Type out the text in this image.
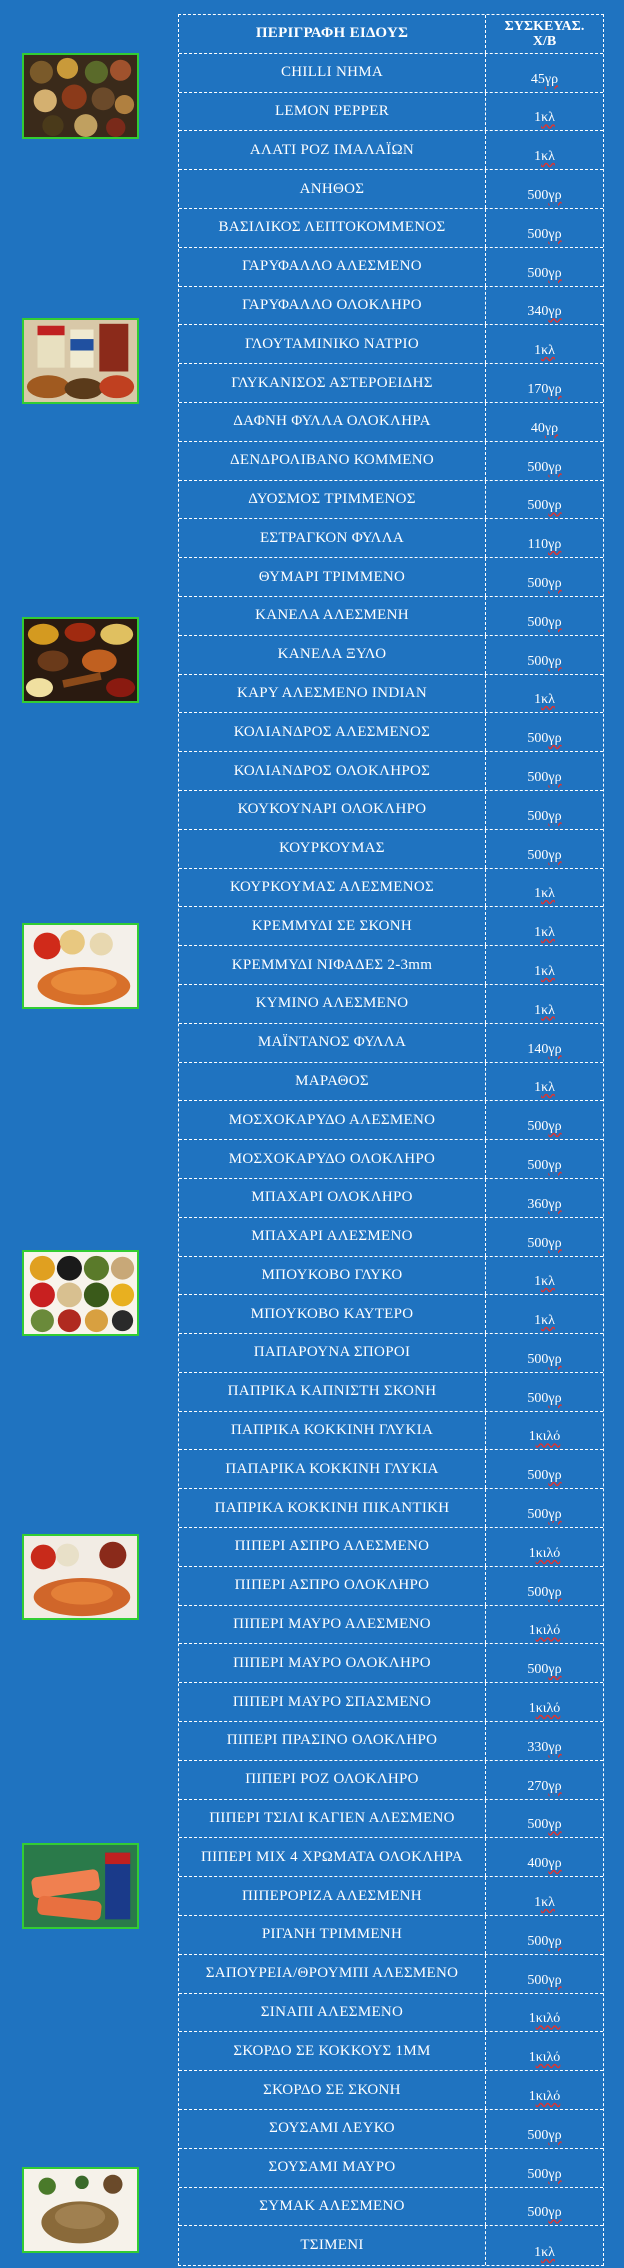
ΠΕΡΙΓΡΑΦΗ ΕΙΔΟΥΣ	ΣΥΣΚΕΥΑΣ.
Χ/Β
CHILLI ΝΗΜΑ	45 γρ
LEMON PEPPER	1 κλ
ΑΛΑΤΙ ΡΟΖ ΙΜΑΛΑΪΩΝ	1 κλ
ΑΝΗΘΟΣ	500 γρ
ΒΑΣΙΛΙΚΟΣ ΛΕΠΤΟΚΟΜΜΕΝΟΣ	500 γρ
ΓΑΡΥΦΑΛΛΟ ΑΛΕΣΜΕΝΟ	500 γρ
ΓΑΡΥΦΑΛΛΟ ΟΛΟΚΛΗΡΟ	340 γρ
ΓΛΟΥΤΑΜΙΝΙΚΟ ΝΑΤΡΙΟ	1 κλ
ΓΛΥΚΑΝΙΣΟΣ ΑΣΤΕΡΟΕΙΔΗΣ	170 γρ
ΔΑΦΝΗ ΦΥΛΛΑ ΟΛΟΚΛΗΡΑ	40 γρ
ΔΕΝΔΡΟΛΙΒΑΝΟ ΚΟΜΜΕΝΟ	500 γρ
ΔΥΟΣΜΟΣ ΤΡΙΜΜΕΝΟΣ	500 γρ
ΕΣΤΡΑΓΚΟΝ ΦΥΛΛΑ	110 γρ
ΘΥΜΑΡΙ ΤΡΙΜΜΕΝΟ	500 γρ
ΚΑΝΕΛΑ ΑΛΕΣΜΕΝΗ	500 γρ
ΚΑΝΕΛΑ ΞΥΛΟ	500 γρ
ΚΑΡΥ ΑΛΕΣΜΕΝΟ INDIAN	1 κλ
ΚΟΛΙΑΝΔΡΟΣ ΑΛΕΣΜΕΝΟΣ	500 γρ
ΚΟΛΙΑΝΔΡΟΣ ΟΛΟΚΛΗΡΟΣ	500 γρ
ΚΟΥΚΟΥΝΑΡΙ ΟΛΟΚΛΗΡΟ	500 γρ
ΚΟΥΡΚΟΥΜΑΣ	500 γρ
ΚΟΥΡΚΟΥΜΑΣ ΑΛΕΣΜΕΝΟΣ	1 κλ
ΚΡΕΜΜΥΔΙ ΣΕ ΣΚΟΝΗ	1 κλ
ΚΡΕΜΜΥΔΙ ΝΙΦΑΔΕΣ 2-3mm	1 κλ
ΚΥΜΙΝΟ ΑΛΕΣΜΕΝΟ	1 κλ
ΜΑΪΝΤΑΝΟΣ ΦΥΛΛΑ	140 γρ
ΜΑΡΑΘΟΣ	1 κλ
ΜΟΣΧΟΚΑΡΥΔΟ ΑΛΕΣΜΕΝΟ	500 γρ
ΜΟΣΧΟΚΑΡΥΔΟ ΟΛΟΚΛΗΡΟ	500 γρ
ΜΠΑΧΑΡΙ ΟΛΟΚΛΗΡΟ	360 γρ
ΜΠΑΧΑΡΙ ΑΛΕΣΜΕΝΟ	500 γρ
ΜΠΟΥΚΟΒΟ ΓΛΥΚΟ	1 κλ
ΜΠΟΥΚΟΒΟ ΚΑΥΤΕΡΟ	1 κλ
ΠΑΠΑΡΟΥΝΑ ΣΠΟΡΟΙ	500 γρ
ΠΑΠΡΙΚΑ ΚΑΠΝΙΣΤΗ ΣΚΟΝΗ	500 γρ
ΠΑΠΡΙΚΑ ΚΟΚΚΙΝΗ ΓΛΥΚΙΑ	1 κιλό
ΠΑΠΑΡΙΚΑ ΚΟΚΚΙΝΗ ΓΛΥΚΙΑ	500 γρ
ΠΑΠΡΙΚΑ ΚΟΚΚΙΝΗ ΠΙΚΑΝΤΙΚΗ	500 γρ
ΠΙΠΕΡΙ ΑΣΠΡΟ ΑΛΕΣΜΕΝΟ	1 κιλό
ΠΙΠΕΡΙ ΑΣΠΡΟ ΟΛΟΚΛΗΡΟ	500 γρ
ΠΙΠΕΡΙ ΜΑΥΡΟ ΑΛΕΣΜΕΝΟ	1 κιλό
ΠΙΠΕΡΙ ΜΑΥΡΟ ΟΛΟΚΛΗΡΟ	500 γρ
ΠΙΠΕΡΙ ΜΑΥΡΟ ΣΠΑΣΜΕΝΟ	1 κιλό
ΠΙΠΕΡΙ ΠΡΑΣΙΝΟ ΟΛΟΚΛΗΡΟ	330 γρ
ΠΙΠΕΡΙ ΡΟΖ ΟΛΟΚΛΗΡΟ	270 γρ
ΠΙΠΕΡΙ ΤΣΙΛΙ ΚΑΓΙΕΝ ΑΛΕΣΜΕΝΟ	500 γρ
ΠΙΠΕΡΙ ΜΙΧ 4 ΧΡΩΜΑΤΑ ΟΛΟΚΛΗΡΑ	400 γρ
ΠΙΠΕΡΟΡΙΖΑ ΑΛΕΣΜΕΝΗ	1 κλ
ΡΙΓΑΝΗ ΤΡΙΜΜΕΝΗ	500 γρ
ΣΑΠΟΥΡΕΙΑ/ΘΡΟΥΜΠΙ ΑΛΕΣΜΕΝΟ	500 γρ
ΣΙΝΑΠΙ ΑΛΕΣΜΕΝΟ	1 κιλό
ΣΚΟΡΔΟ ΣΕ ΚΟΚΚΟΥΣ 1MM	1 κιλό
ΣΚΟΡΔΟ ΣΕ ΣΚΟΝΗ	1 κιλό
ΣΟΥΣΑΜΙ ΛΕΥΚΟ	500 γρ
ΣΟΥΣΑΜΙ ΜΑΥΡΟ	500 γρ
ΣΥΜΑΚ ΑΛΕΣΜΕΝΟ	500 γρ
ΤΣΙΜΕΝΙ	1 κλ
